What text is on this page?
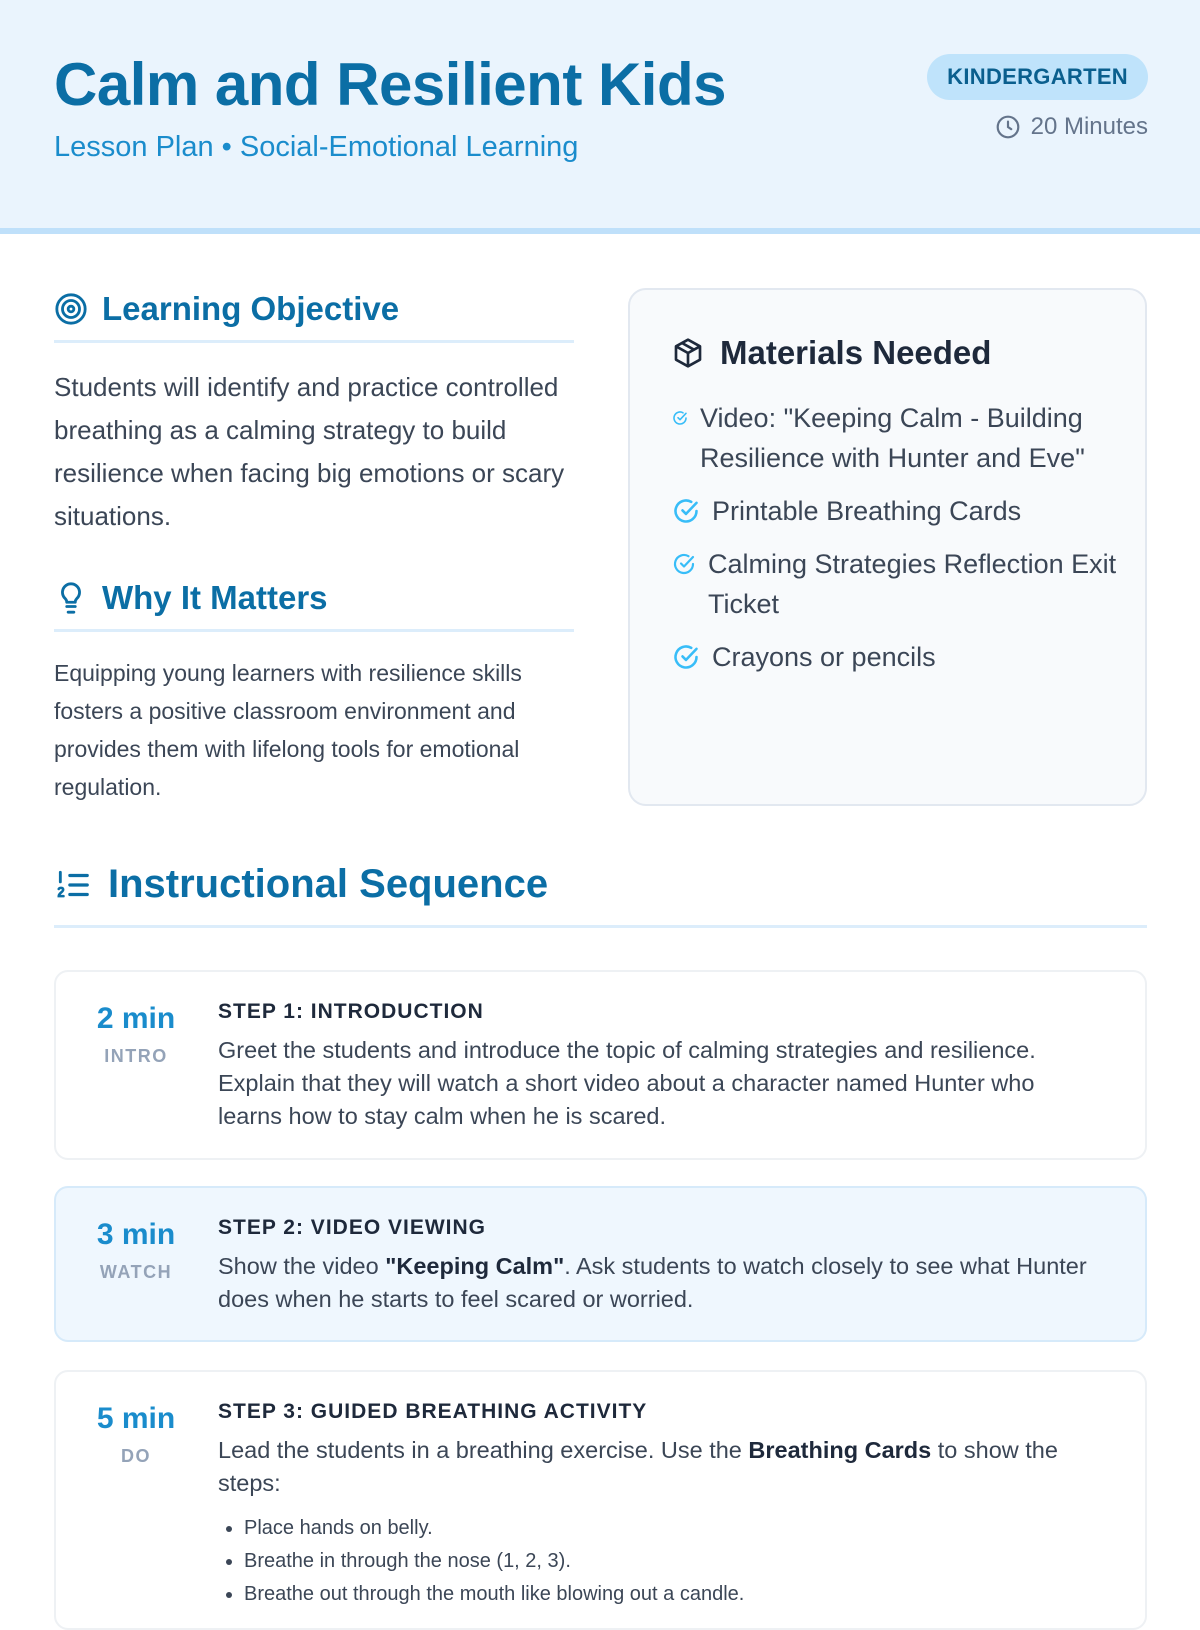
Calm and Resilient Kids
Lesson Plan • Social-Emotional Learning
KINDERGARTEN
20 Minutes
Learning Objective

Students will identify and practice controlled breathing as a calming strategy to build resilience when facing big emotions or scary situations.

Why It Matters

Equipping young learners with resilience skills fosters a positive classroom environment and provides them with lifelong tools for emotional regulation.

Materials Needed
Video: "Keeping Calm - Building Resilience with Hunter and Eve"
Printable Breathing Cards
Calming Strategies Reflection Exit Ticket
Crayons or pencils
Instructional Sequence
2 min
INTRO
STEP 1: INTRODUCTION

Greet the students and introduce the topic of calming strategies and resilience. Explain that they will watch a short video about a character named Hunter who learns how to stay calm when he is scared.

3 min
WATCH
STEP 2: VIDEO VIEWING

Show the video "Keeping Calm". Ask students to watch closely to see what Hunter does when he starts to feel scared or worried.

5 min
DO
STEP 3: GUIDED BREATHING ACTIVITY

Lead the students in a breathing exercise. Use the Breathing Cards to show the steps:

• Place hands on belly.
• Breathe in through the nose (1, 2, 3).
• Breathe out through the mouth like blowing out a candle.
